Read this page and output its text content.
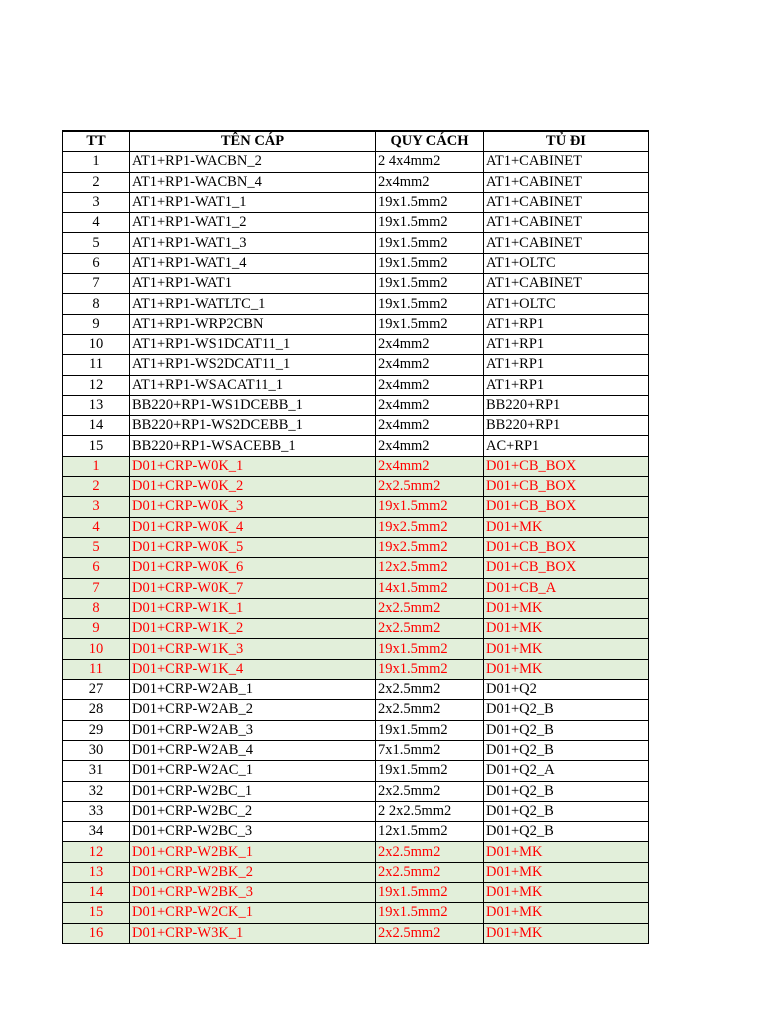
TT	TÊN CÁP	QUY CÁCH	TỦ ĐI
1	AT1+RP1-WACBN_2	2 4x4mm2	AT1+CABINET
2	AT1+RP1-WACBN_4	2x4mm2	AT1+CABINET
3	AT1+RP1-WAT1_1	19x1.5mm2	AT1+CABINET
4	AT1+RP1-WAT1_2	19x1.5mm2	AT1+CABINET
5	AT1+RP1-WAT1_3	19x1.5mm2	AT1+CABINET
6	AT1+RP1-WAT1_4	19x1.5mm2	AT1+OLTC
7	AT1+RP1-WAT1	19x1.5mm2	AT1+CABINET
8	AT1+RP1-WATLTC_1	19x1.5mm2	AT1+OLTC
9	AT1+RP1-WRP2CBN	19x1.5mm2	AT1+RP1
10	AT1+RP1-WS1DCAT11_1	2x4mm2	AT1+RP1
11	AT1+RP1-WS2DCAT11_1	2x4mm2	AT1+RP1
12	AT1+RP1-WSACAT11_1	2x4mm2	AT1+RP1
13	BB220+RP1-WS1DCEBB_1	2x4mm2	BB220+RP1
14	BB220+RP1-WS2DCEBB_1	2x4mm2	BB220+RP1
15	BB220+RP1-WSACEBB_1	2x4mm2	AC+RP1
1	D01+CRP-W0K_1	2x4mm2	D01+CB_BOX
2	D01+CRP-W0K_2	2x2.5mm2	D01+CB_BOX
3	D01+CRP-W0K_3	19x1.5mm2	D01+CB_BOX
4	D01+CRP-W0K_4	19x2.5mm2	D01+MK
5	D01+CRP-W0K_5	19x2.5mm2	D01+CB_BOX
6	D01+CRP-W0K_6	12x2.5mm2	D01+CB_BOX
7	D01+CRP-W0K_7	14x1.5mm2	D01+CB_A
8	D01+CRP-W1K_1	2x2.5mm2	D01+MK
9	D01+CRP-W1K_2	2x2.5mm2	D01+MK
10	D01+CRP-W1K_3	19x1.5mm2	D01+MK
11	D01+CRP-W1K_4	19x1.5mm2	D01+MK
27	D01+CRP-W2AB_1	2x2.5mm2	D01+Q2
28	D01+CRP-W2AB_2	2x2.5mm2	D01+Q2_B
29	D01+CRP-W2AB_3	19x1.5mm2	D01+Q2_B
30	D01+CRP-W2AB_4	7x1.5mm2	D01+Q2_B
31	D01+CRP-W2AC_1	19x1.5mm2	D01+Q2_A
32	D01+CRP-W2BC_1	2x2.5mm2	D01+Q2_B
33	D01+CRP-W2BC_2	2 2x2.5mm2	D01+Q2_B
34	D01+CRP-W2BC_3	12x1.5mm2	D01+Q2_B
12	D01+CRP-W2BK_1	2x2.5mm2	D01+MK
13	D01+CRP-W2BK_2	2x2.5mm2	D01+MK
14	D01+CRP-W2BK_3	19x1.5mm2	D01+MK
15	D01+CRP-W2CK_1	19x1.5mm2	D01+MK
16	D01+CRP-W3K_1	2x2.5mm2	D01+MK
